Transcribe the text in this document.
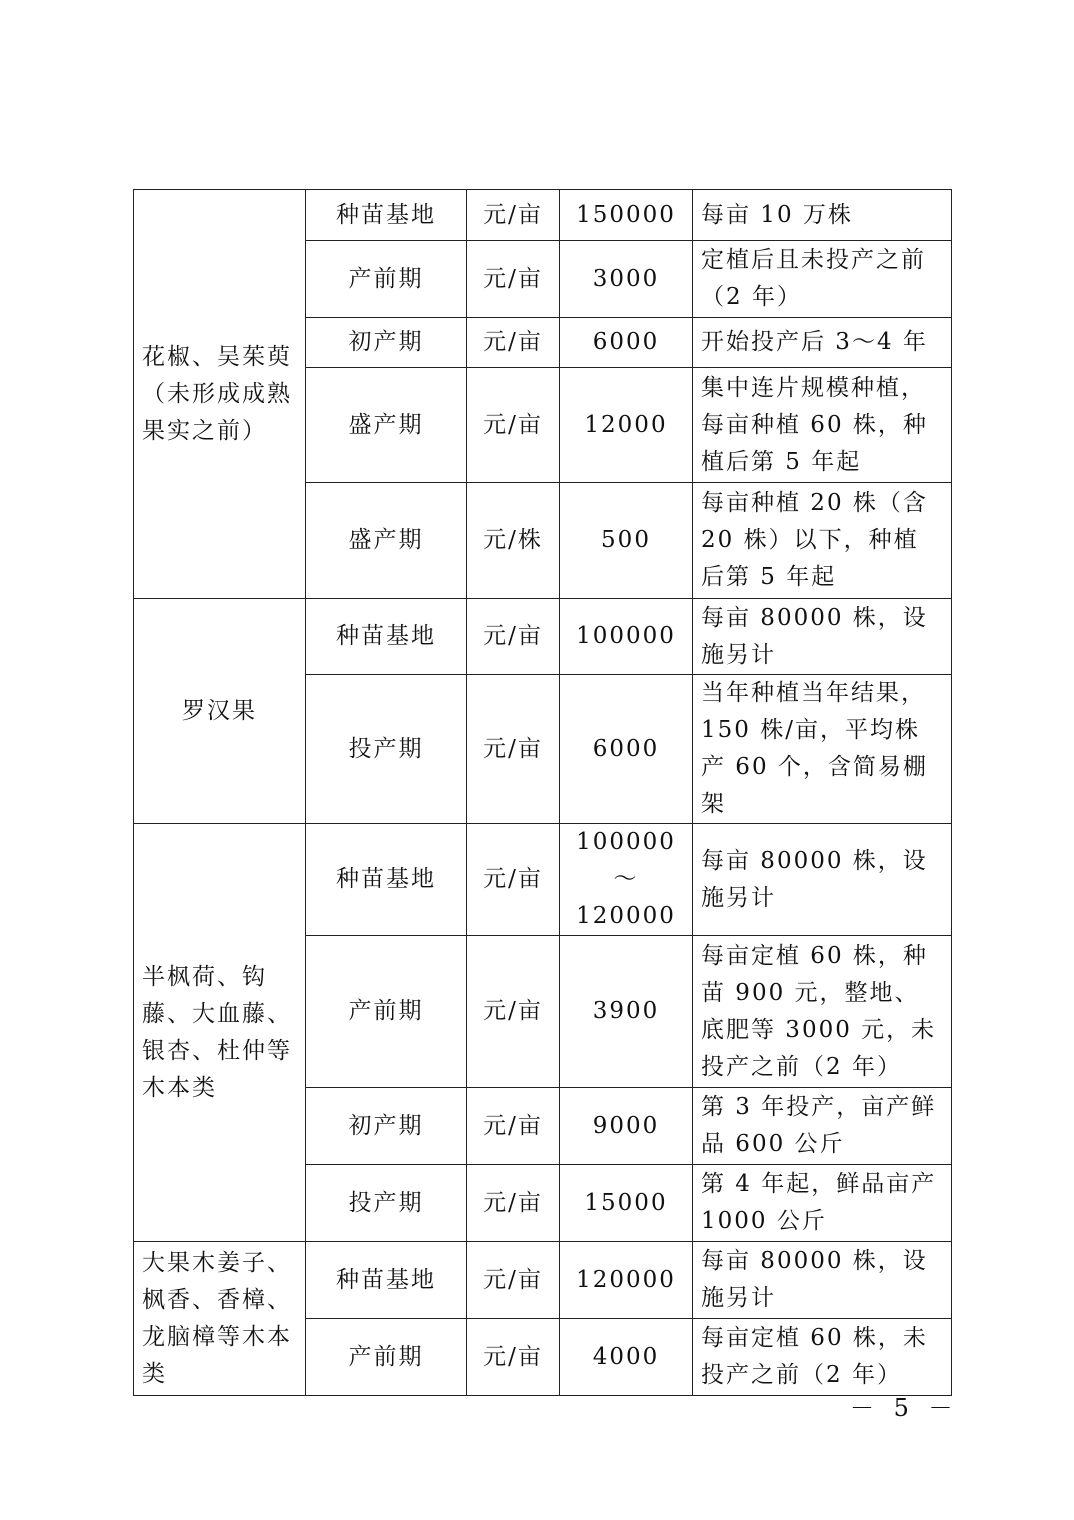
花椒、吴茱萸（未形成成熟果实之前）	种苗基地	元/亩	150000	每亩 10 万株
	产前期	元/亩	3000	定植后且未投产之前（2 年）
	初产期	元/亩	6000	开始投产后 3～4 年
	盛产期	元/亩	12000	集中连片规模种植，每亩种植 60 株，种植后第 5 年起
	盛产期	元/株	500	每亩种植 20 株（含 20 株）以下，种植后第 5 年起
罗汉果	种苗基地	元/亩	100000	每亩 80000 株，设施另计
	投产期	元/亩	6000	当年种植当年结果，150 株/亩，平均株产 60 个，含简易棚架
半枫荷、钩藤、大血藤、银杏、杜仲等木本类	种苗基地	元/亩	100000～120000	每亩 80000 株，设施另计
	产前期	元/亩	3900	每亩定植 60 株，种苗 900 元，整地、底肥等 3000 元，未投产之前（2 年）
	初产期	元/亩	9000	第 3 年投产，亩产鲜品 600 公斤
	投产期	元/亩	15000	第 4 年起，鲜品亩产 1000 公斤
大果木姜子、枫香、香樟、龙脑樟等木本类	种苗基地	元/亩	120000	每亩 80000 株，设施另计
	产前期	元/亩	4000	每亩定植 60 株，未投产之前（2 年）
－ 5 －
